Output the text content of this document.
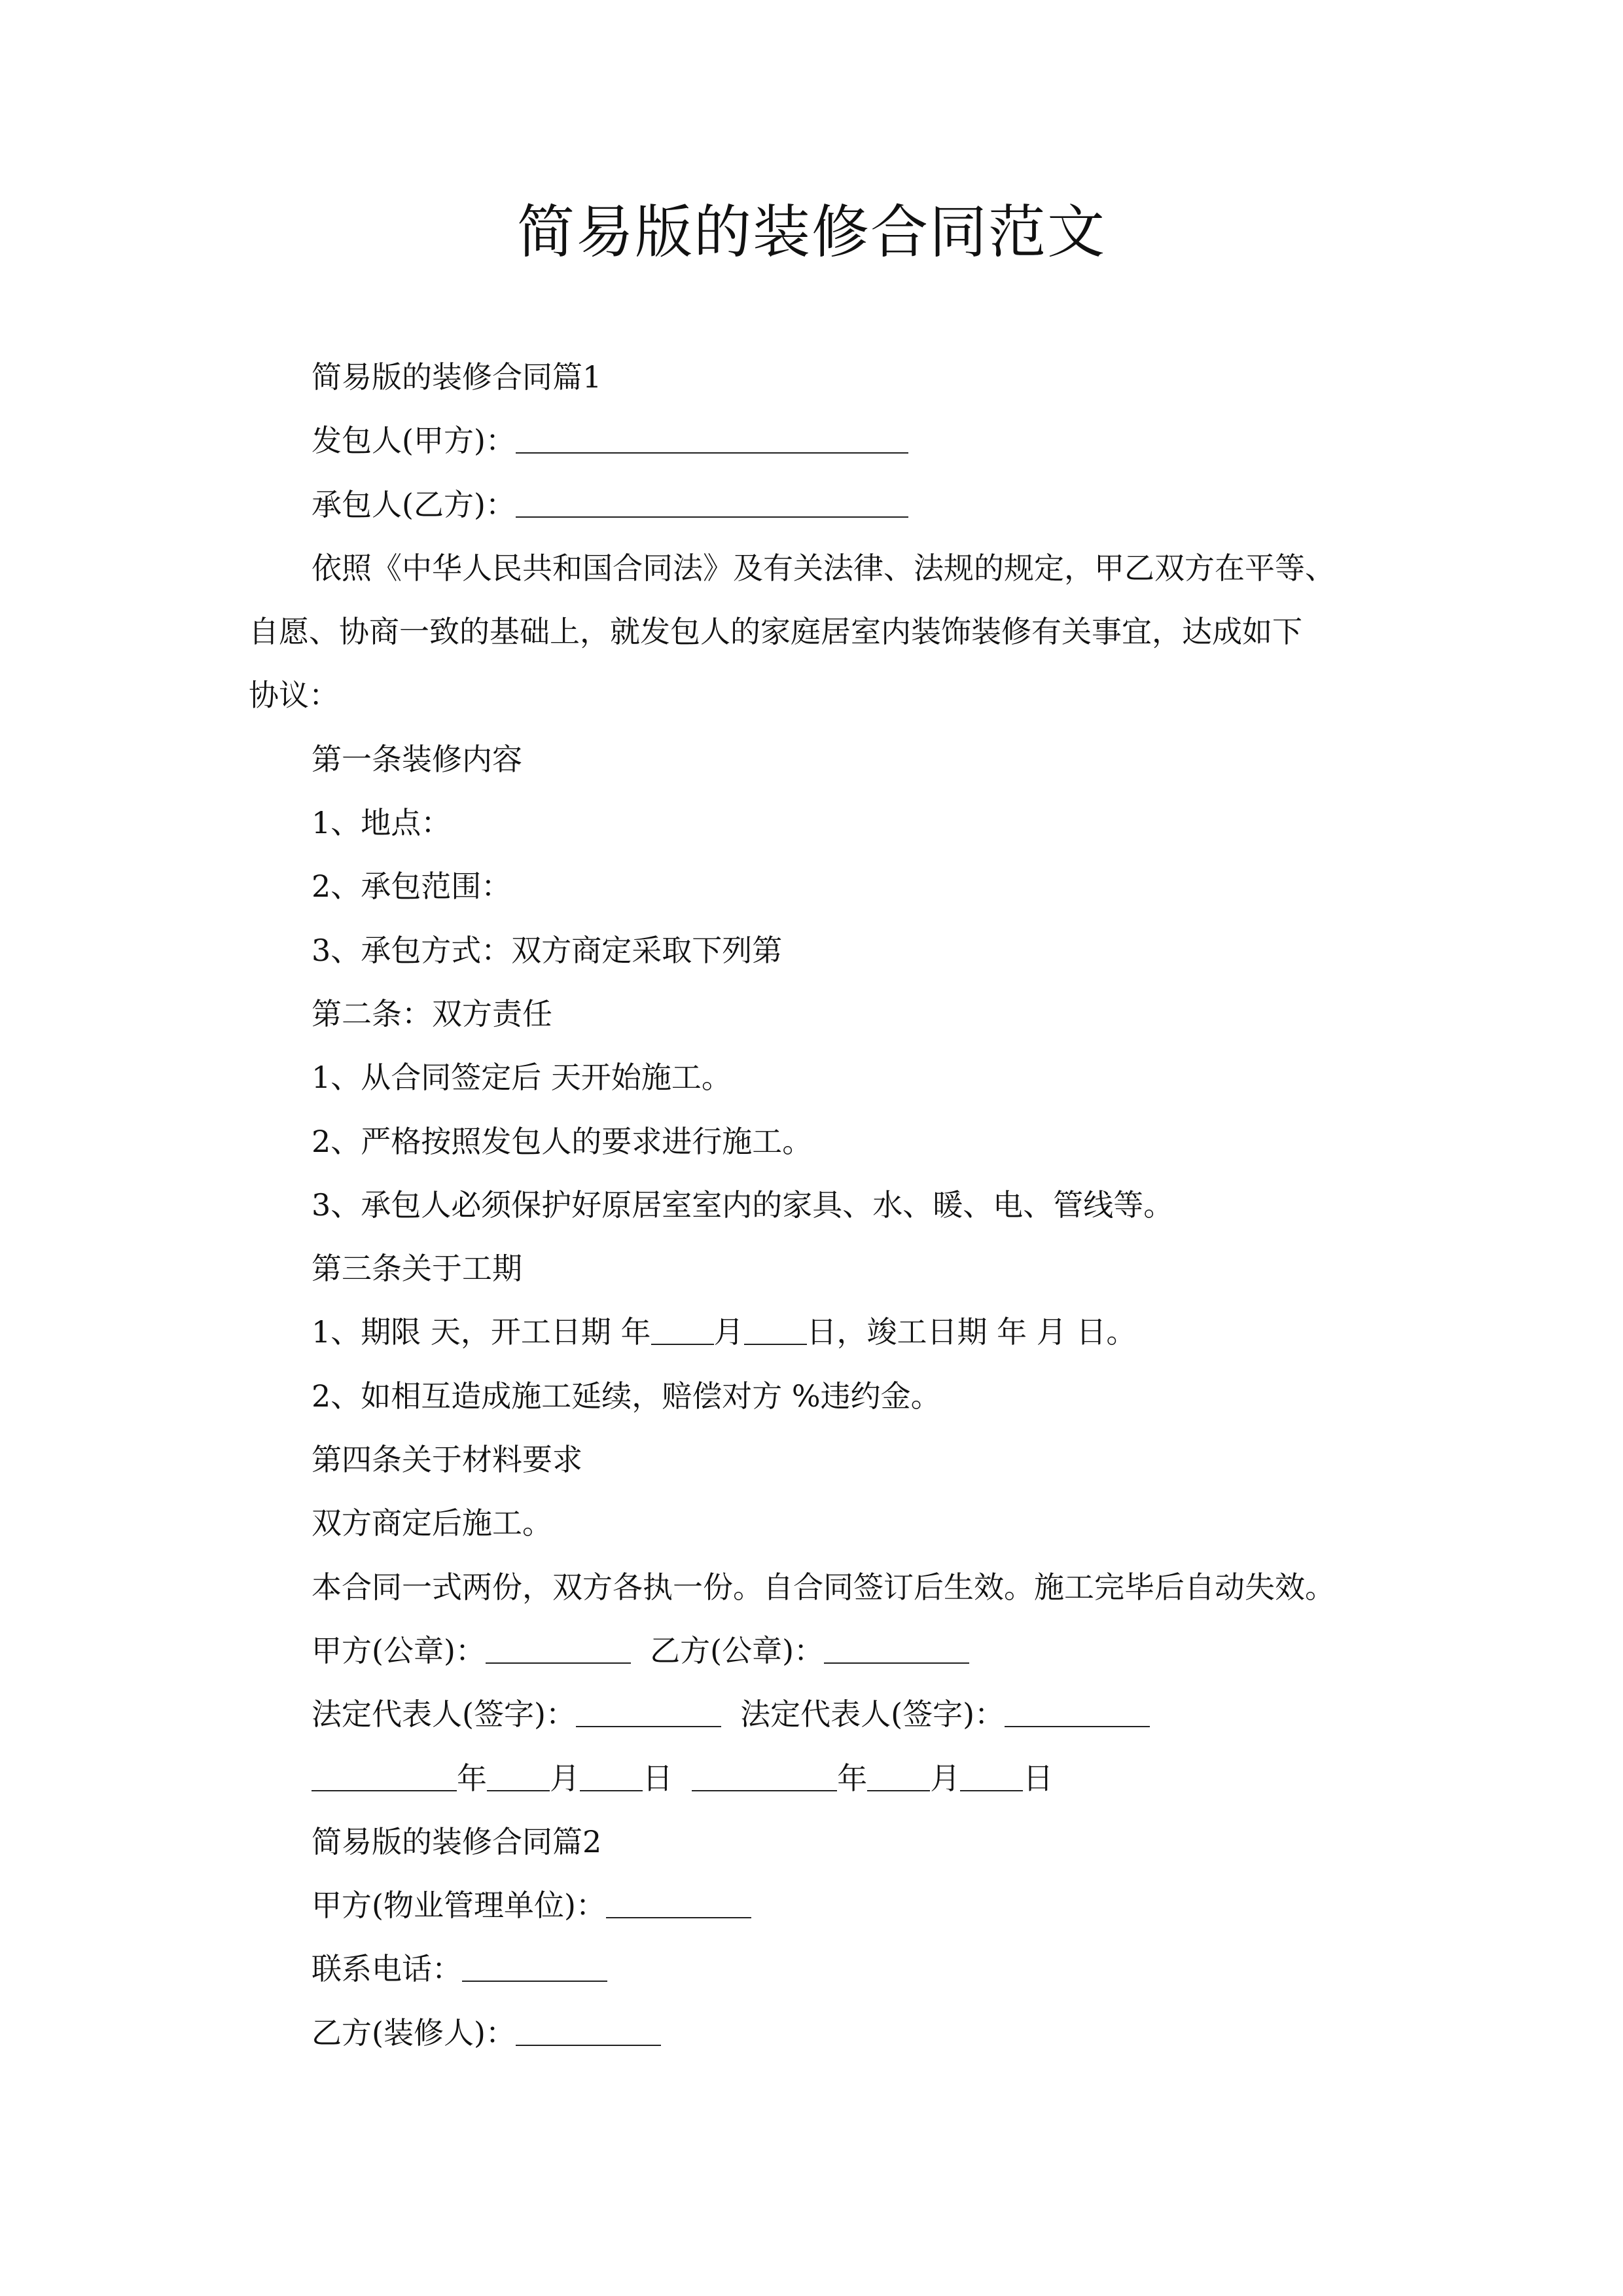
简易版的装修合同范文
简易版的装修合同篇1
发包人(甲方)：
承包人(乙方)：
依照《中华人民共和国合同法》及有关法律、法规的规定，甲乙双方在平等、
自愿、协商一致的基础上，就发包人的家庭居室内装饰装修有关事宜，达成如下
协议：
第一条装修内容
1、地点：
2、承包范围：
3、承包方式：双方商定采取下列第
第二条：双方责任
1、从合同签定后 天开始施工。
2、严格按照发包人的要求进行施工。
3、承包人必须保护好原居室室内的家具、水、暖、电、管线等。
第三条关于工期
1、期限 天，开工日期 年 月 日，竣工日期 年 月 日。
2、如相互造成施工延续，赔偿对方 %违约金。
第四条关于材料要求
双方商定后施工。
本合同一式两份，双方各执一份。自合同签订后生效。施工完毕后自动失效。
甲方(公章)：	乙方(公章)：
法定代表人(签字)：	法定代表人(签字)：
年 月 日	年 月 日
简易版的装修合同篇2
甲方(物业管理单位)：
联系电话：
乙方(装修人)：
